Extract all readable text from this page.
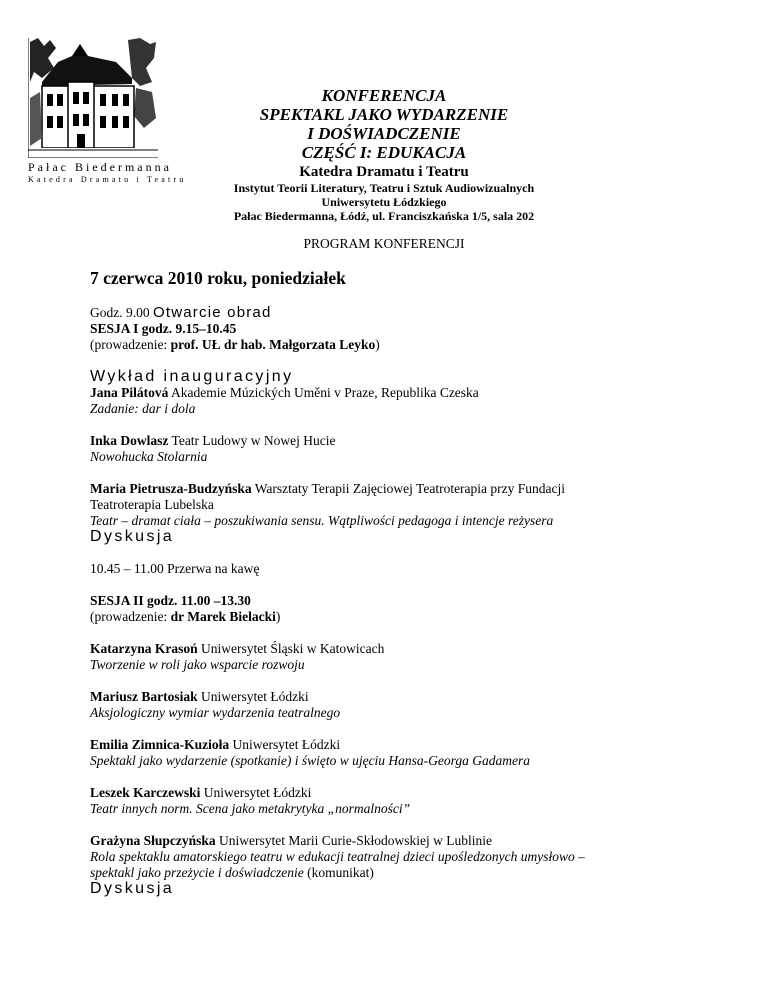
Pałac Biedermanna
Katedra Dramatu i Teatru
KONFERENCJA
SPEKTAKL JAKO WYDARZENIE
I DOŚWIADCZENIE
CZĘŚĆ I: EDUKACJA
Katedra Dramatu i Teatru
Instytut Teorii Literatury, Teatru i Sztuk Audiowizualnych
Uniwersytetu Łódzkiego
Pałac Biedermanna, Łódź, ul. Franciszkańska 1/5, sala 202
PROGRAM KONFERENCJI
7 czerwca 2010 roku, poniedziałek
Godz. 9.00 Otwarcie obrad
SESJA I godz. 9.15–10.45
(prowadzenie: prof. UŁ dr hab. Małgorzata Leyko)
Wykład inauguracyjny
Jana Pilátová Akademie Múzických Uměni v Praze, Republika Czeska
Zadanie: dar i dola
Inka Dowlasz Teatr Ludowy w Nowej Hucie
Nowohucka Stolarnia
Maria Pietrusza-Budzyńska Warsztaty Terapii Zajęciowej Teatroterapia przy Fundacji
Teatroterapia Lubelska
Teatr – dramat ciała – poszukiwania sensu. Wątpliwości pedagoga i intencje reżysera
Dyskusja
10.45 – 11.00 Przerwa na kawę
SESJA II godz. 11.00 –13.30
(prowadzenie: dr Marek Bielacki)
Katarzyna Krasoń Uniwersytet Śląski w Katowicach
Tworzenie w roli jako wsparcie rozwoju
Mariusz Bartosiak Uniwersytet Łódzki
Aksjologiczny wymiar wydarzenia teatralnego
Emilia Zimnica-Kuzioła Uniwersytet Łódzki
Spektakl jako wydarzenie (spotkanie) i święto w ujęciu Hansa-Georga Gadamera
Leszek Karczewski Uniwersytet Łódzki
Teatr innych norm. Scena jako metakrytyka „normalności”
Grażyna Słupczyńska Uniwersytet Marii Curie-Skłodowskiej w Lublinie
Rola spektaklu amatorskiego teatru w edukacji teatralnej dzieci upośledzonych umysłowo –
spektakl jako przeżycie i doświadczenie (komunikat)
Dyskusja
